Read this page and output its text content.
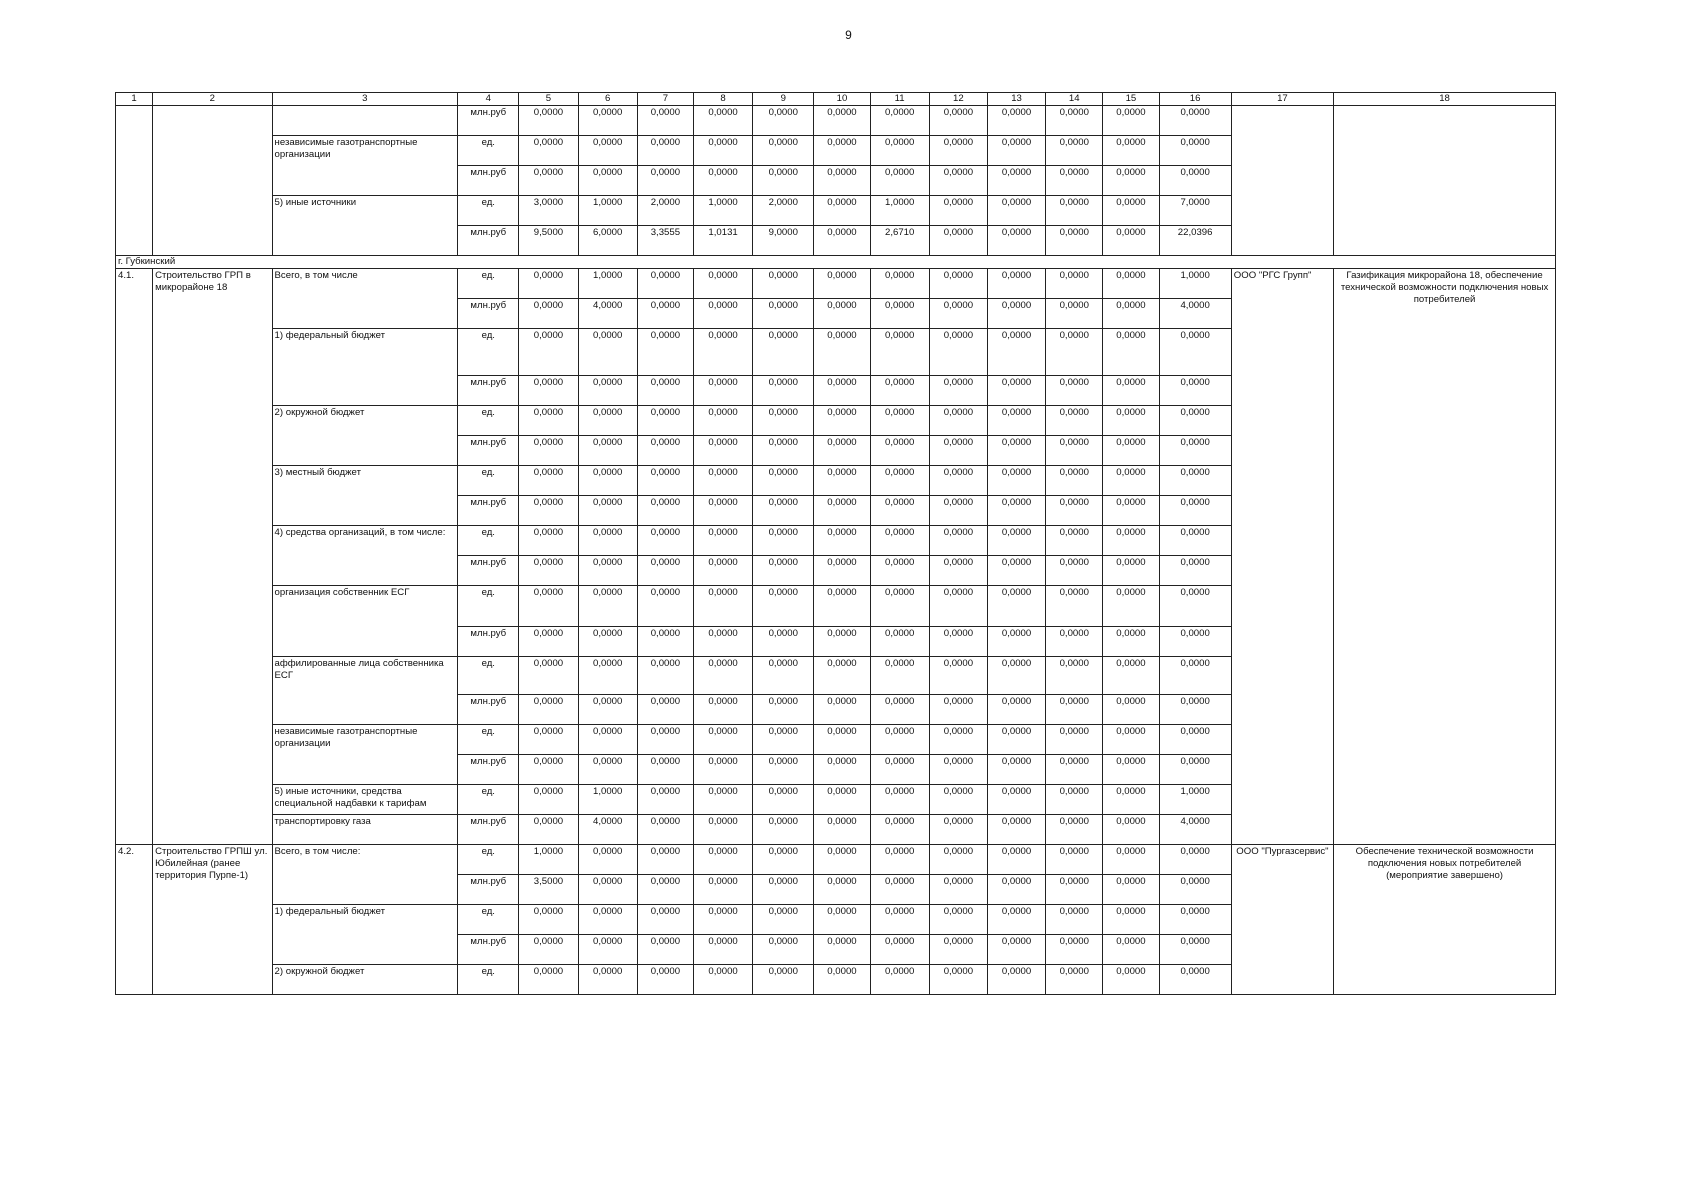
9
1	2	3	4	5	6	7	8	9	10	11	12	13	14	15	16	17	18
			млн.руб	0,0000	0,0000	0,0000	0,0000	0,0000	0,0000	0,0000	0,0000	0,0000	0,0000	0,0000	0,0000		
		независимые газотранспортные организации	ед.	0,0000	0,0000	0,0000	0,0000	0,0000	0,0000	0,0000	0,0000	0,0000	0,0000	0,0000	0,0000		
			млн.руб	0,0000	0,0000	0,0000	0,0000	0,0000	0,0000	0,0000	0,0000	0,0000	0,0000	0,0000	0,0000		
		5) иные источники	ед.	3,0000	1,0000	2,0000	1,0000	2,0000	0,0000	1,0000	0,0000	0,0000	0,0000	0,0000	7,0000		
			млн.руб	9,5000	6,0000	3,3555	1,0131	9,0000	0,0000	2,6710	0,0000	0,0000	0,0000	0,0000	22,0396		
г. Губкинский																	
4.1.	Строительство ГРП в микрорайоне 18	Всего, в том числе	ед.	0,0000	1,0000	0,0000	0,0000	0,0000	0,0000	0,0000	0,0000	0,0000	0,0000	0,0000	1,0000	ООО "РГС Групп"	Газификация микрорайона 18, обеспечение технической возможности подключения новых потребителей
			млн.руб	0,0000	4,0000	0,0000	0,0000	0,0000	0,0000	0,0000	0,0000	0,0000	0,0000	0,0000	4,0000		
		1) федеральный бюджет	ед.	0,0000	0,0000	0,0000	0,0000	0,0000	0,0000	0,0000	0,0000	0,0000	0,0000	0,0000	0,0000		
			млн.руб	0,0000	0,0000	0,0000	0,0000	0,0000	0,0000	0,0000	0,0000	0,0000	0,0000	0,0000	0,0000		
		2) окружной бюджет	ед.	0,0000	0,0000	0,0000	0,0000	0,0000	0,0000	0,0000	0,0000	0,0000	0,0000	0,0000	0,0000		
			млн.руб	0,0000	0,0000	0,0000	0,0000	0,0000	0,0000	0,0000	0,0000	0,0000	0,0000	0,0000	0,0000		
		3) местный бюджет	ед.	0,0000	0,0000	0,0000	0,0000	0,0000	0,0000	0,0000	0,0000	0,0000	0,0000	0,0000	0,0000		
			млн.руб	0,0000	0,0000	0,0000	0,0000	0,0000	0,0000	0,0000	0,0000	0,0000	0,0000	0,0000	0,0000		
		4) средства организаций, в том числе:	ед.	0,0000	0,0000	0,0000	0,0000	0,0000	0,0000	0,0000	0,0000	0,0000	0,0000	0,0000	0,0000		
			млн.руб	0,0000	0,0000	0,0000	0,0000	0,0000	0,0000	0,0000	0,0000	0,0000	0,0000	0,0000	0,0000		
		организация собственник ЕСГ	ед.	0,0000	0,0000	0,0000	0,0000	0,0000	0,0000	0,0000	0,0000	0,0000	0,0000	0,0000	0,0000		
			млн.руб	0,0000	0,0000	0,0000	0,0000	0,0000	0,0000	0,0000	0,0000	0,0000	0,0000	0,0000	0,0000		
		аффилированные лица собственника ЕСГ	ед.	0,0000	0,0000	0,0000	0,0000	0,0000	0,0000	0,0000	0,0000	0,0000	0,0000	0,0000	0,0000		
			млн.руб	0,0000	0,0000	0,0000	0,0000	0,0000	0,0000	0,0000	0,0000	0,0000	0,0000	0,0000	0,0000		
		независимые газотранспортные организации	ед.	0,0000	0,0000	0,0000	0,0000	0,0000	0,0000	0,0000	0,0000	0,0000	0,0000	0,0000	0,0000		
			млн.руб	0,0000	0,0000	0,0000	0,0000	0,0000	0,0000	0,0000	0,0000	0,0000	0,0000	0,0000	0,0000		
		5) иные источники, средства специальной надбавки к тарифам	ед.	0,0000	1,0000	0,0000	0,0000	0,0000	0,0000	0,0000	0,0000	0,0000	0,0000	0,0000	1,0000		
		транспортировку газа	млн.руб	0,0000	4,0000	0,0000	0,0000	0,0000	0,0000	0,0000	0,0000	0,0000	0,0000	0,0000	4,0000		
4.2.	Строительство ГРПШ ул. Юбилейная (ранее территория Пурпе-1)	Всего, в том числе:	ед.	1,0000	0,0000	0,0000	0,0000	0,0000	0,0000	0,0000	0,0000	0,0000	0,0000	0,0000	0,0000	ООО "Пургазсервис"	Обеспечение технической возможности подключения новых потребителей (мероприятие завершено)
			млн.руб	3,5000	0,0000	0,0000	0,0000	0,0000	0,0000	0,0000	0,0000	0,0000	0,0000	0,0000	0,0000		
		1) федеральный бюджет	ед.	0,0000	0,0000	0,0000	0,0000	0,0000	0,0000	0,0000	0,0000	0,0000	0,0000	0,0000	0,0000		
			млн.руб	0,0000	0,0000	0,0000	0,0000	0,0000	0,0000	0,0000	0,0000	0,0000	0,0000	0,0000	0,0000		
		2) окружной бюджет	ед.	0,0000	0,0000	0,0000	0,0000	0,0000	0,0000	0,0000	0,0000	0,0000	0,0000	0,0000	0,0000		
